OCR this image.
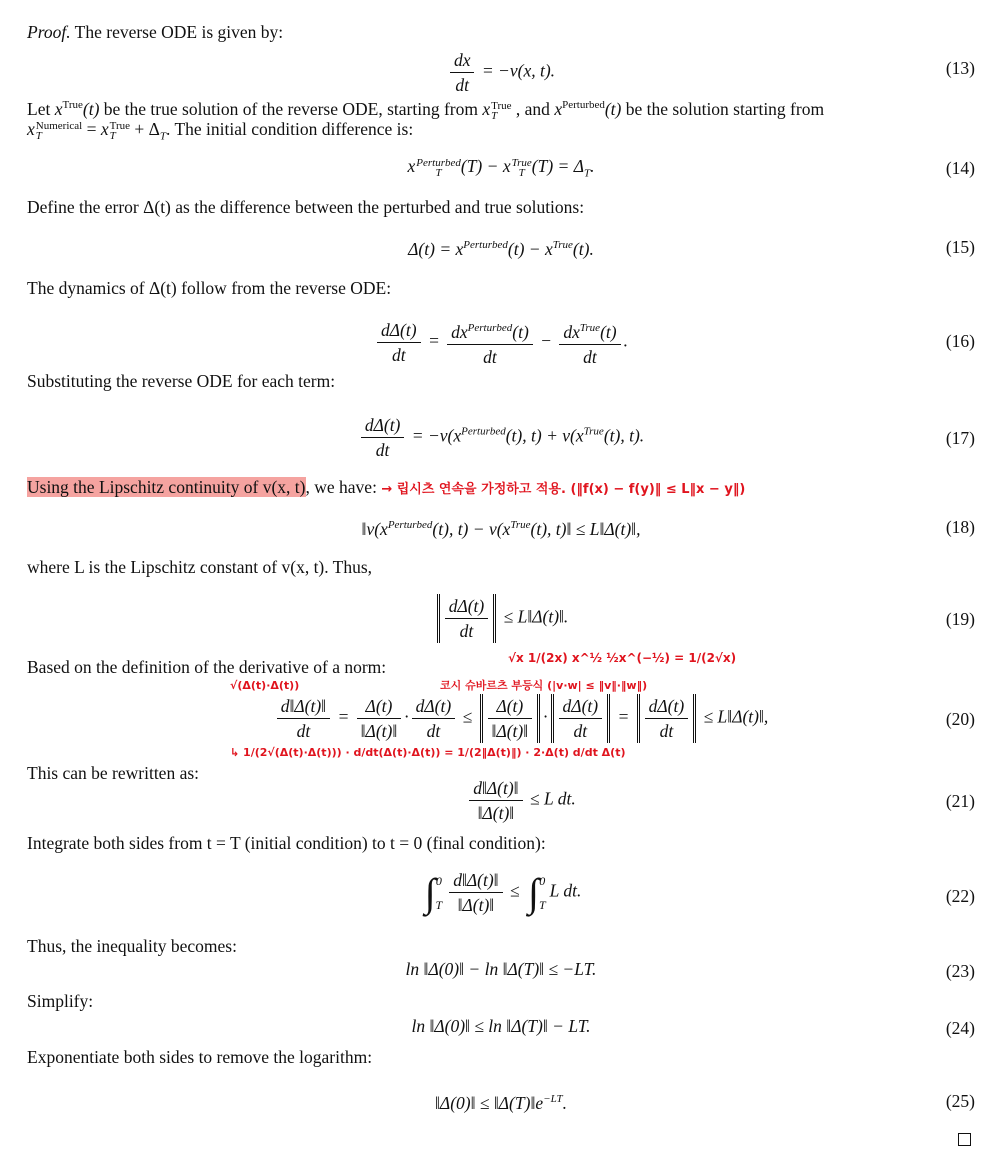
Proof. The reverse ODE is given by:
$\frac{dx}{dt} = -v(x$, t).	(13)
Let $x^{True}(t)$ be the true solution of the reverse ODE, starting from x True
T , and $x^{Perturbed}(t)$ be the solution starting from
x Numerical
T	= x True
$T + \Delta_T$. The initial condition difference is:
x Perturbed
T	(T) − x True
T $(T) = \Delta_T$.	(14)
Define the error Δ(t) as the difference between the perturbed and true solutions:
$\Delta(t) = x^{Perturbed}(t) - x^{True}(t)$.	(15)
The dynamics of Δ(t) follow from the reverse ODE:
$\frac{d\Delta(t)}{dt} = \frac{dx^{Perturbed}(t)}{dt} - \frac{dx^{True}(t)}{dt}$ .	(16)
Substituting the reverse ODE for each term:
$\frac{d\Delta(t)}{dt} = -v(x^{Perturbed}(t)$, $t) + v(x^{True}(t)$, t).	(17)
Using the Lipschitz continuity of v(x, t), we have: → 립시츠 연속을 가정하고 적용. (‖f(x) − f(y)‖ ≤ L‖x − y‖)
$‖v(x^{Perturbed}(t)$, $t) - v(x^{True}(t)$, t)‖ ≤ L‖Δ(t)‖,	(18)
where L is the Lipschitz constant of v(x, t). Thus,
$\frac{d\Delta(t)}{dt}$ ≤ L‖Δ(t)‖.	(19)
Based on the definition of the derivative of a norm:	√x 1/(2x) x^½ ½x^(−½) = 1/(2√x)
√(Δ(t)·Δ(t))	코시 슈바르츠 부등식 (|v·w| ≤ ‖v‖·‖w‖)
$\frac{d‖\Delta(t)‖}{dt} = \frac{\Delta(t)}{‖\Delta(t)‖} \cdot \frac{d\Delta(t)}{dt} \le \frac{\Delta(t)}{‖\Delta(t)‖} \cdot \frac{d\Delta(t)}{dt} = \frac{d\Delta(t)}{dt}$ ≤ L‖Δ(t)‖,	(20)
↳ 1/(2√(Δ(t)·Δ(t))) · d/dt(Δ(t)·Δ(t)) = 1/(2‖Δ(t)‖) · 2·Δ(t) d/dt Δ(t)
This can be rewritten as:
$\frac{d‖\Delta(t)‖}{‖\Delta(t)‖} \le L$ dt.	(21)
Integrate both sides from t = T (initial condition) to t = 0 (final condition):
∫ 0
T $\frac{d‖\Delta(t)‖}{‖\Delta(t)‖}$ ≤ ∫ 0
T
L dt.	(22)
Thus, the inequality becomes:
ln ‖Δ(0)‖ − ln ‖Δ(T)‖ ≤ −LT.	(23)
Simplify:
ln ‖Δ(0)‖ ≤ ln ‖Δ(T)‖ − LT.	(24)
Exponentiate both sides to remove the logarithm:
‖Δ(0)‖ ≤ $‖\Delta(T)‖e^{-LT}$.	(25)
